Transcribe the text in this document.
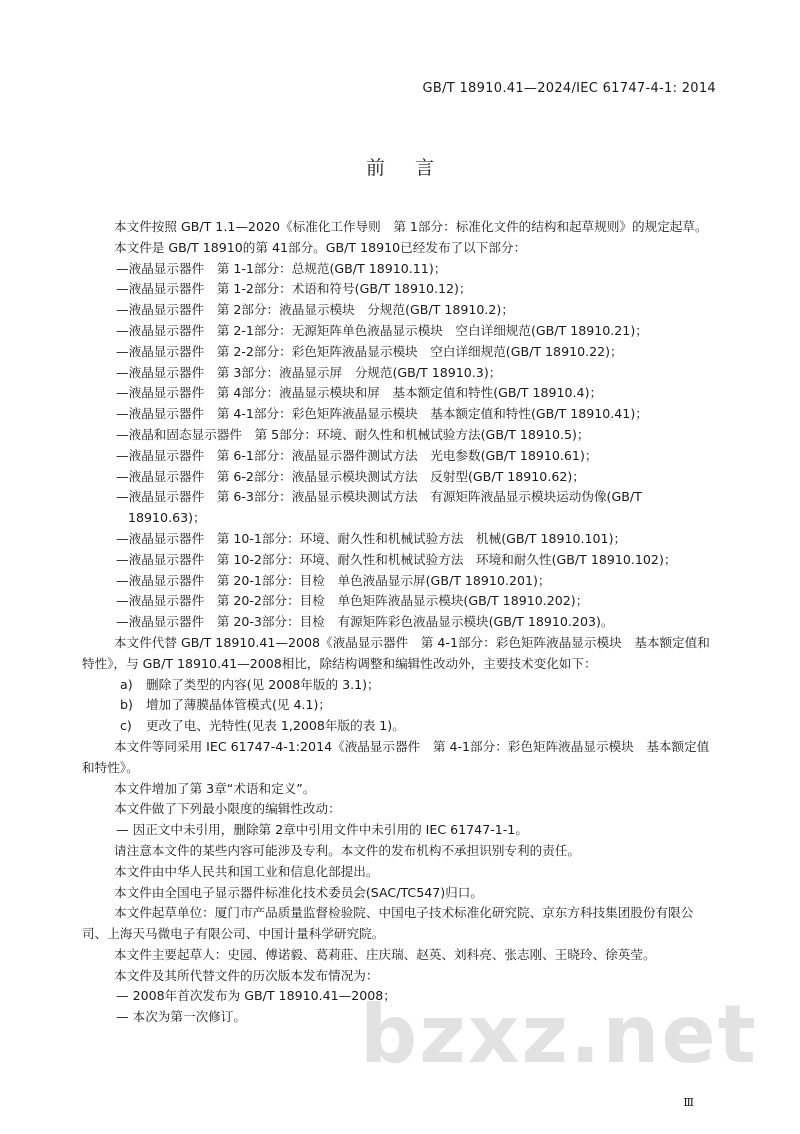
GB/T 18910.41—2024/IEC 61747-4-1: 2014
前言

本文件按照 GB/T 1.1—2020《标准化工作导则　第 1部分：标准化文件的结构和起草规则》的规定起草。

本文件是 GB/T 18910的第 41部分。GB/T 18910已经发布了以下部分：

—液晶显示器件　第 1-1部分：总规范(GB/T 18910.11)；

—液晶显示器件　第 1-2部分：术语和符号(GB/T 18910.12)；

—液晶显示器件　第 2部分：液晶显示模块　分规范(GB/T 18910.2)；

—液晶显示器件　第 2-1部分：无源矩阵单色液晶显示模块　空白详细规范(GB/T 18910.21)；

—液晶显示器件　第 2-2部分：彩色矩阵液晶显示模块　空白详细规范(GB/T 18910.22)；

—液晶显示器件　第 3部分：液晶显示屏　分规范(GB/T 18910.3)；

—液晶显示器件　第 4部分：液晶显示模块和屏　基本额定值和特性(GB/T 18910.4)；

—液晶显示器件　第 4-1部分：彩色矩阵液晶显示模块　基本额定值和特性(GB/T 18910.41)；

—液晶和固态显示器件　第 5部分：环境、耐久性和机械试验方法(GB/T 18910.5)；

—液晶显示器件　第 6-1部分：液晶显示器件测试方法　光电参数(GB/T 18910.61)；

—液晶显示器件　第 6-2部分：液晶显示模块测试方法　反射型(GB/T 18910.62)；

—液晶显示器件　第 6-3部分：液晶显示模块测试方法　有源矩阵液晶显示模块运动伪像(GB/T 18910.63)；

—液晶显示器件　第 10-1部分：环境、耐久性和机械试验方法　机械(GB/T 18910.101)；

—液晶显示器件　第 10-2部分：环境、耐久性和机械试验方法　环境和耐久性(GB/T 18910.102)；

—液晶显示器件　第 20-1部分：目检　单色液晶显示屏(GB/T 18910.201)；

—液晶显示器件　第 20-2部分：目检　单色矩阵液晶显示模块(GB/T 18910.202)；

—液晶显示器件　第 20-3部分：目检　有源矩阵彩色液晶显示模块(GB/T 18910.203)。

本文件代替 GB/T 18910.41—2008《液晶显示器件　第 4-1部分：彩色矩阵液晶显示模块　基本额定值和特性》，与 GB/T 18910.41—2008相比，除结构调整和编辑性改动外，主要技术变化如下：

a)	删除了类型的内容(见 2008年版的 3.1)；
b)	增加了薄膜晶体管模式(见 4.1)；
c)	更改了电、光特性(见表 1,2008年版的表 1)。

本文件等同采用 IEC 61747-4-1:2014《液晶显示器件　第 4-1部分：彩色矩阵液晶显示模块　基本额定值和特性》。

本文件增加了第 3章“术语和定义”。

本文件做了下列最小限度的编辑性改动：

— 因正文中未引用，删除第 2章中引用文件中未引用的 IEC 61747-1-1。

请注意本文件的某些内容可能涉及专利。本文件的发布机构不承担识别专利的责任。

本文件由中华人民共和国工业和信息化部提出。

本文件由全国电子显示器件标准化技术委员会(SAC/TC547)归口。

本文件起草单位：厦门市产品质量监督检验院、中国电子技术标准化研究院、京东方科技集团股份有限公司、上海天马微电子有限公司、中国计量科学研究院。

本文件主要起草人：史园、傅诺毅、葛莉莊、庄庆瑞、赵英、刘科亮、张志刚、王晓玲、徐英莹。

本文件及其所代替文件的历次版本发布情况为：

— 2008年首次发布为 GB/T 18910.41—2008；

— 本次为第一次修订。	bzxz.net
Ⅲ
